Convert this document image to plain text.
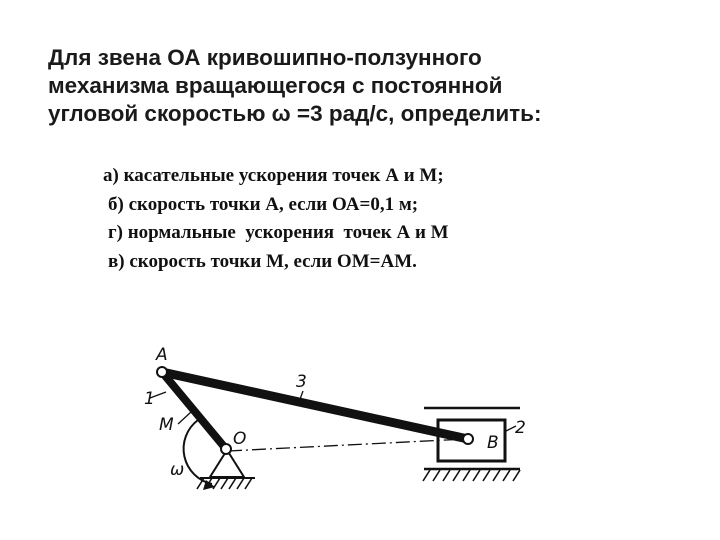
Для звена ОА кривошипно-ползунного
механизма вращающегося с постоянной
угловой скоростью ω =3 рад/с, определить:
а) касательные ускорения точек А и М;
б) скорость точки А, если ОА=0,1 м;
г) нормальные  ускорения  точек А и М
в) скорость точки М, если ОМ=АМ.
A
1
M
O
ω
3
B
2
